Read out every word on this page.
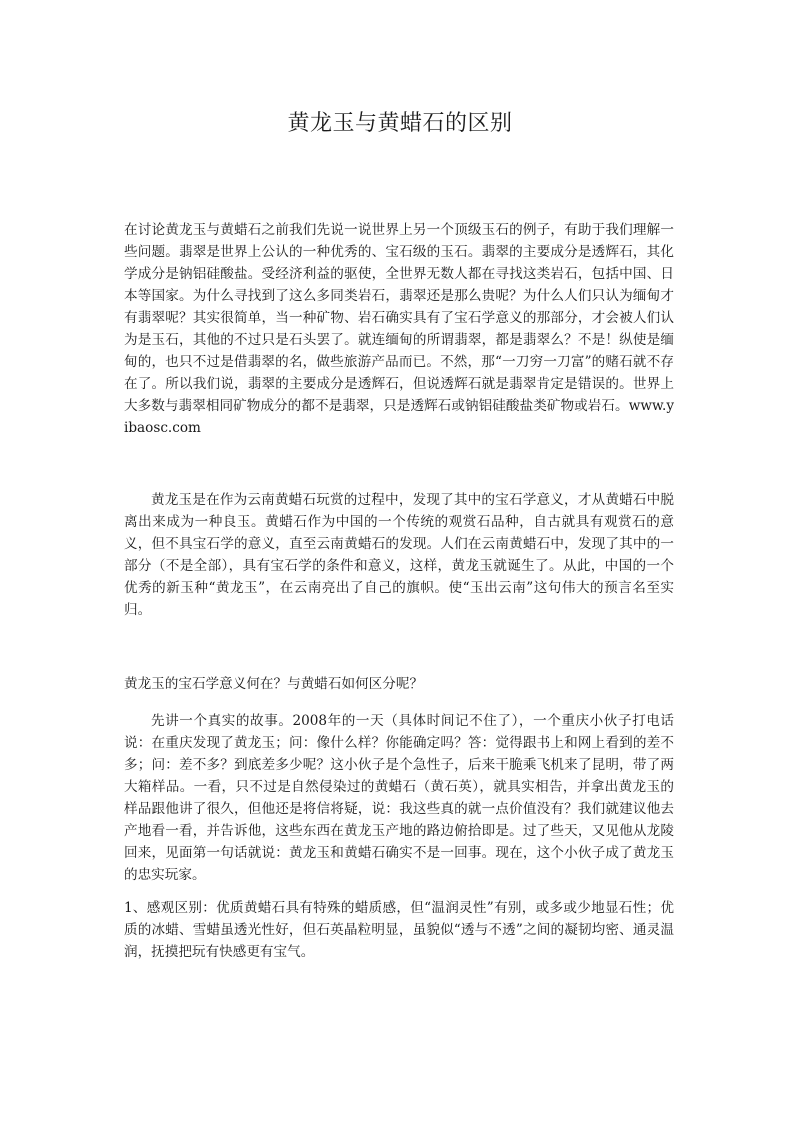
黄龙玉与黄蜡石的区别

在讨论黄龙玉与黄蜡石之前我们先说一说世界上另一个顶级玉石的例子，有助于我们理解一些问题。翡翠是世界上公认的一种优秀的、宝石级的玉石。翡翠的主要成分是透辉石，其化学成分是钠铝硅酸盐。受经济利益的驱使，全世界无数人都在寻找这类岩石，包括中国、日本等国家。为什么寻找到了这么多同类岩石，翡翠还是那么贵呢？为什么人们只认为缅甸才有翡翠呢？其实很简单，当一种矿物、岩石确实具有了宝石学意义的那部分，才会被人们认为是玉石，其他的不过只是石头罢了。就连缅甸的所谓翡翠，都是翡翠么？不是！纵使是缅甸的，也只不过是借翡翠的名，做些旅游产品而已。不然，那“一刀穷一刀富”的赌石就不存在了。所以我们说，翡翠的主要成分是透辉石，但说透辉石就是翡翠肯定是错误的。世界上大多数与翡翠相同矿物成分的都不是翡翠，只是透辉石或钠铝硅酸盐类矿物或岩石。www.yibaosc.com

黄龙玉是在作为云南黄蜡石玩赏的过程中，发现了其中的宝石学意义，才从黄蜡石中脱离出来成为一种良玉。黄蜡石作为中国的一个传统的观赏石品种，自古就具有观赏石的意义，但不具宝石学的意义，直至云南黄蜡石的发现。人们在云南黄蜡石中，发现了其中的一部分（不是全部），具有宝石学的条件和意义，这样，黄龙玉就诞生了。从此，中国的一个优秀的新玉种“黄龙玉”，在云南亮出了自己的旗帜。使“玉出云南”这句伟大的预言名至实归。

黄龙玉的宝石学意义何在？与黄蜡石如何区分呢？

先讲一个真实的故事。2008年的一天（具体时间记不住了），一个重庆小伙子打电话说：在重庆发现了黄龙玉；问：像什么样？你能确定吗？答：觉得跟书上和网上看到的差不多；问：差不多？到底差多少呢？这小伙子是个急性子，后来干脆乘飞机来了昆明，带了两大箱样品。一看，只不过是自然侵染过的黄蜡石（黄石英），就具实相告，并拿出黄龙玉的样品跟他讲了很久，但他还是将信将疑，说：我这些真的就一点价值没有？我们就建议他去产地看一看，并告诉他，这些东西在黄龙玉产地的路边俯拾即是。过了些天，又见他从龙陵回来，见面第一句话就说：黄龙玉和黄蜡石确实不是一回事。现在，这个小伙子成了黄龙玉的忠实玩家。

1、感观区别：优质黄蜡石具有特殊的蜡质感，但“温润灵性”有别，或多或少地显石性；优质的冰蜡、雪蜡虽透光性好，但石英晶粒明显，虽貌似“透与不透”之间的凝韧均密、通灵温润，抚摸把玩有快感更有宝气。
